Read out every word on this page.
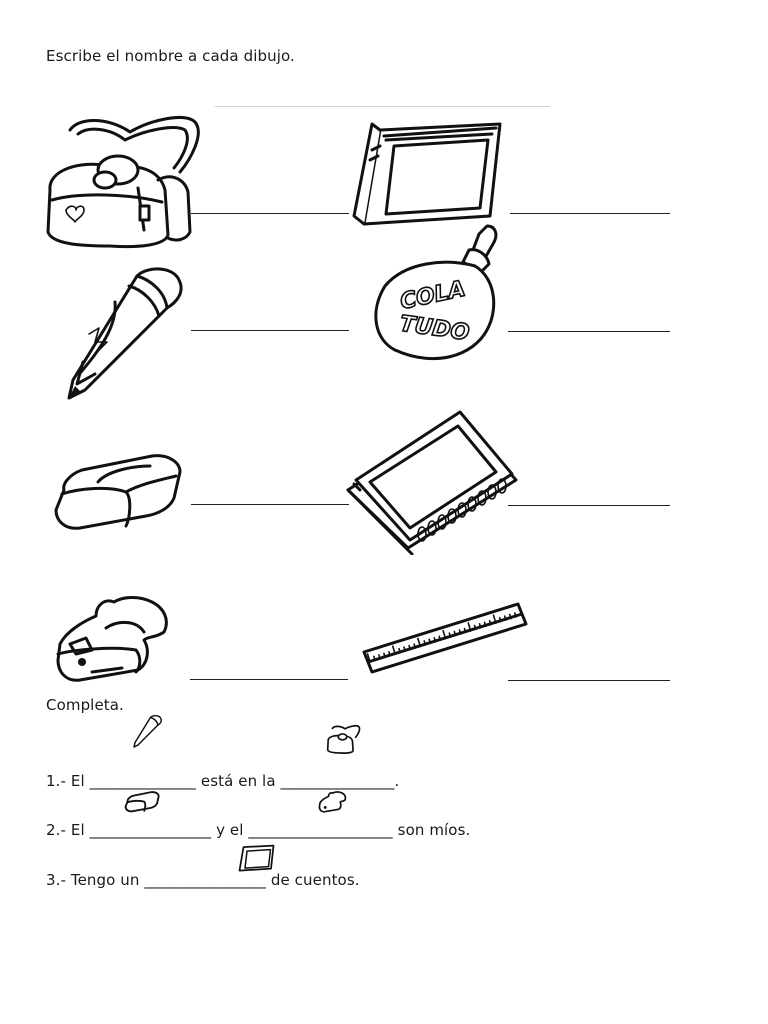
Escribe el nombre a cada dibujo.
COLA
TUDO
Completa.
1.- El ______________ está en la _______________.
2.- El ________________ y el ___________________ son míos.
3.- Tengo un ________________ de cuentos.
